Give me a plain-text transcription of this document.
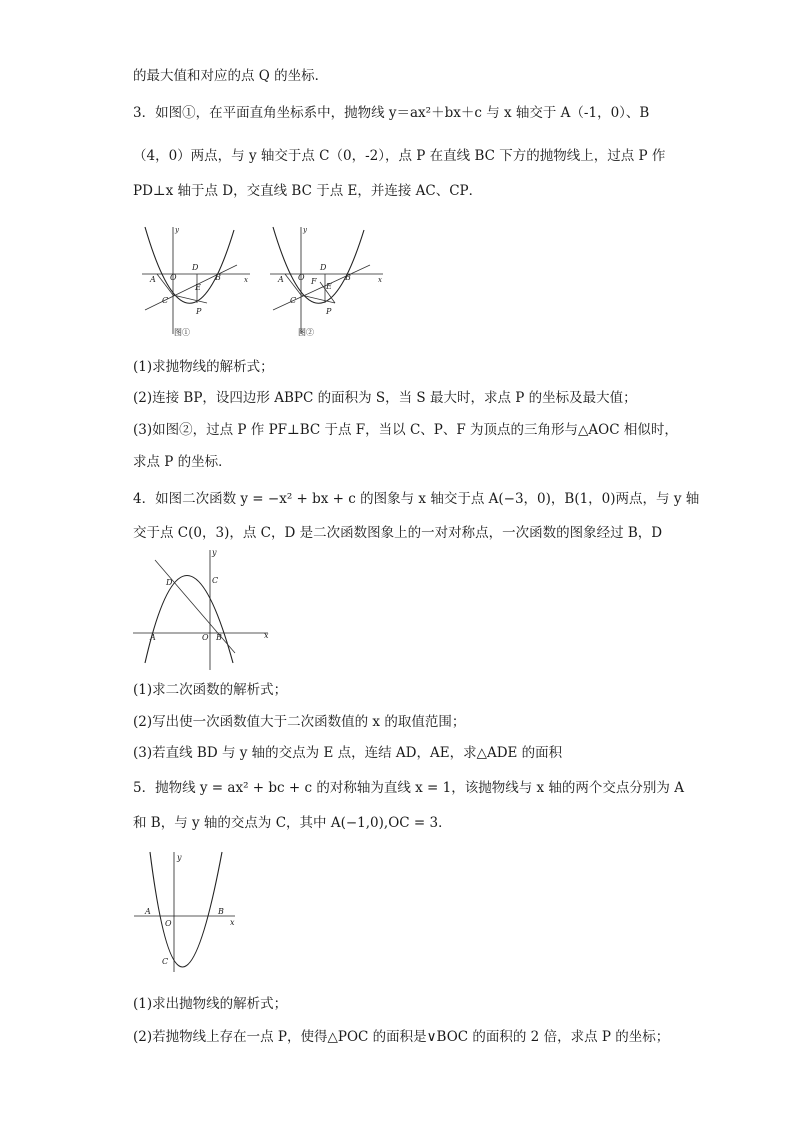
的最大值和对应的点 Q 的坐标．
3．如图①，在平面直角坐标系中，抛物线 y＝ax²＋bx＋c 与 x 轴交于 A（-1，0）、B
（4，0）两点，与 y 轴交于点 C（0，-2），点 P 在直线 BC 下方的抛物线上，过点 P 作
PD⊥x 轴于点 D，交直线 BC 于点 E，并连接 AC、CP．
y
x
A O
D
B
E
C
P
图①
y
x
A O
D
B
E
F
C
P
图②
(1)求抛物线的解析式；
(2)连接 BP，设四边形 ABPC 的面积为 S，当 S 最大时，求点 P 的坐标及最大值；
(3)如图②，过点 P 作 PF⊥BC 于点 F，当以 C、P、F 为顶点的三角形与△AOC 相似时，
求点 P 的坐标．
4．如图二次函数 y = −x² + bx + c 的图象与 x 轴交于点 A(−3，0)，B(1，0)两点，与 y 轴
交于点 C(0，3)，点 C，D 是二次函数图象上的一对对称点，一次函数的图象经过 B，D
y
x
A	O B
C
D
(1)求二次函数的解析式；
(2)写出使一次函数值大于二次函数值的 x 的取值范围；
(3)若直线 BD 与 y 轴的交点为 E 点，连结 AD，AE，求△ADE 的面积
5．抛物线 y = ax² + bc + c 的对称轴为直线 x = 1，该抛物线与 x 轴的两个交点分别为 A
和 B，与 y 轴的交点为 C，其中 A(−1,0),OC = 3．
y
x
A
O
B
C
(1)求出抛物线的解析式；
(2)若抛物线上存在一点 P，使得△POC 的面积是∨BOC 的面积的 2 倍，求点 P 的坐标；
